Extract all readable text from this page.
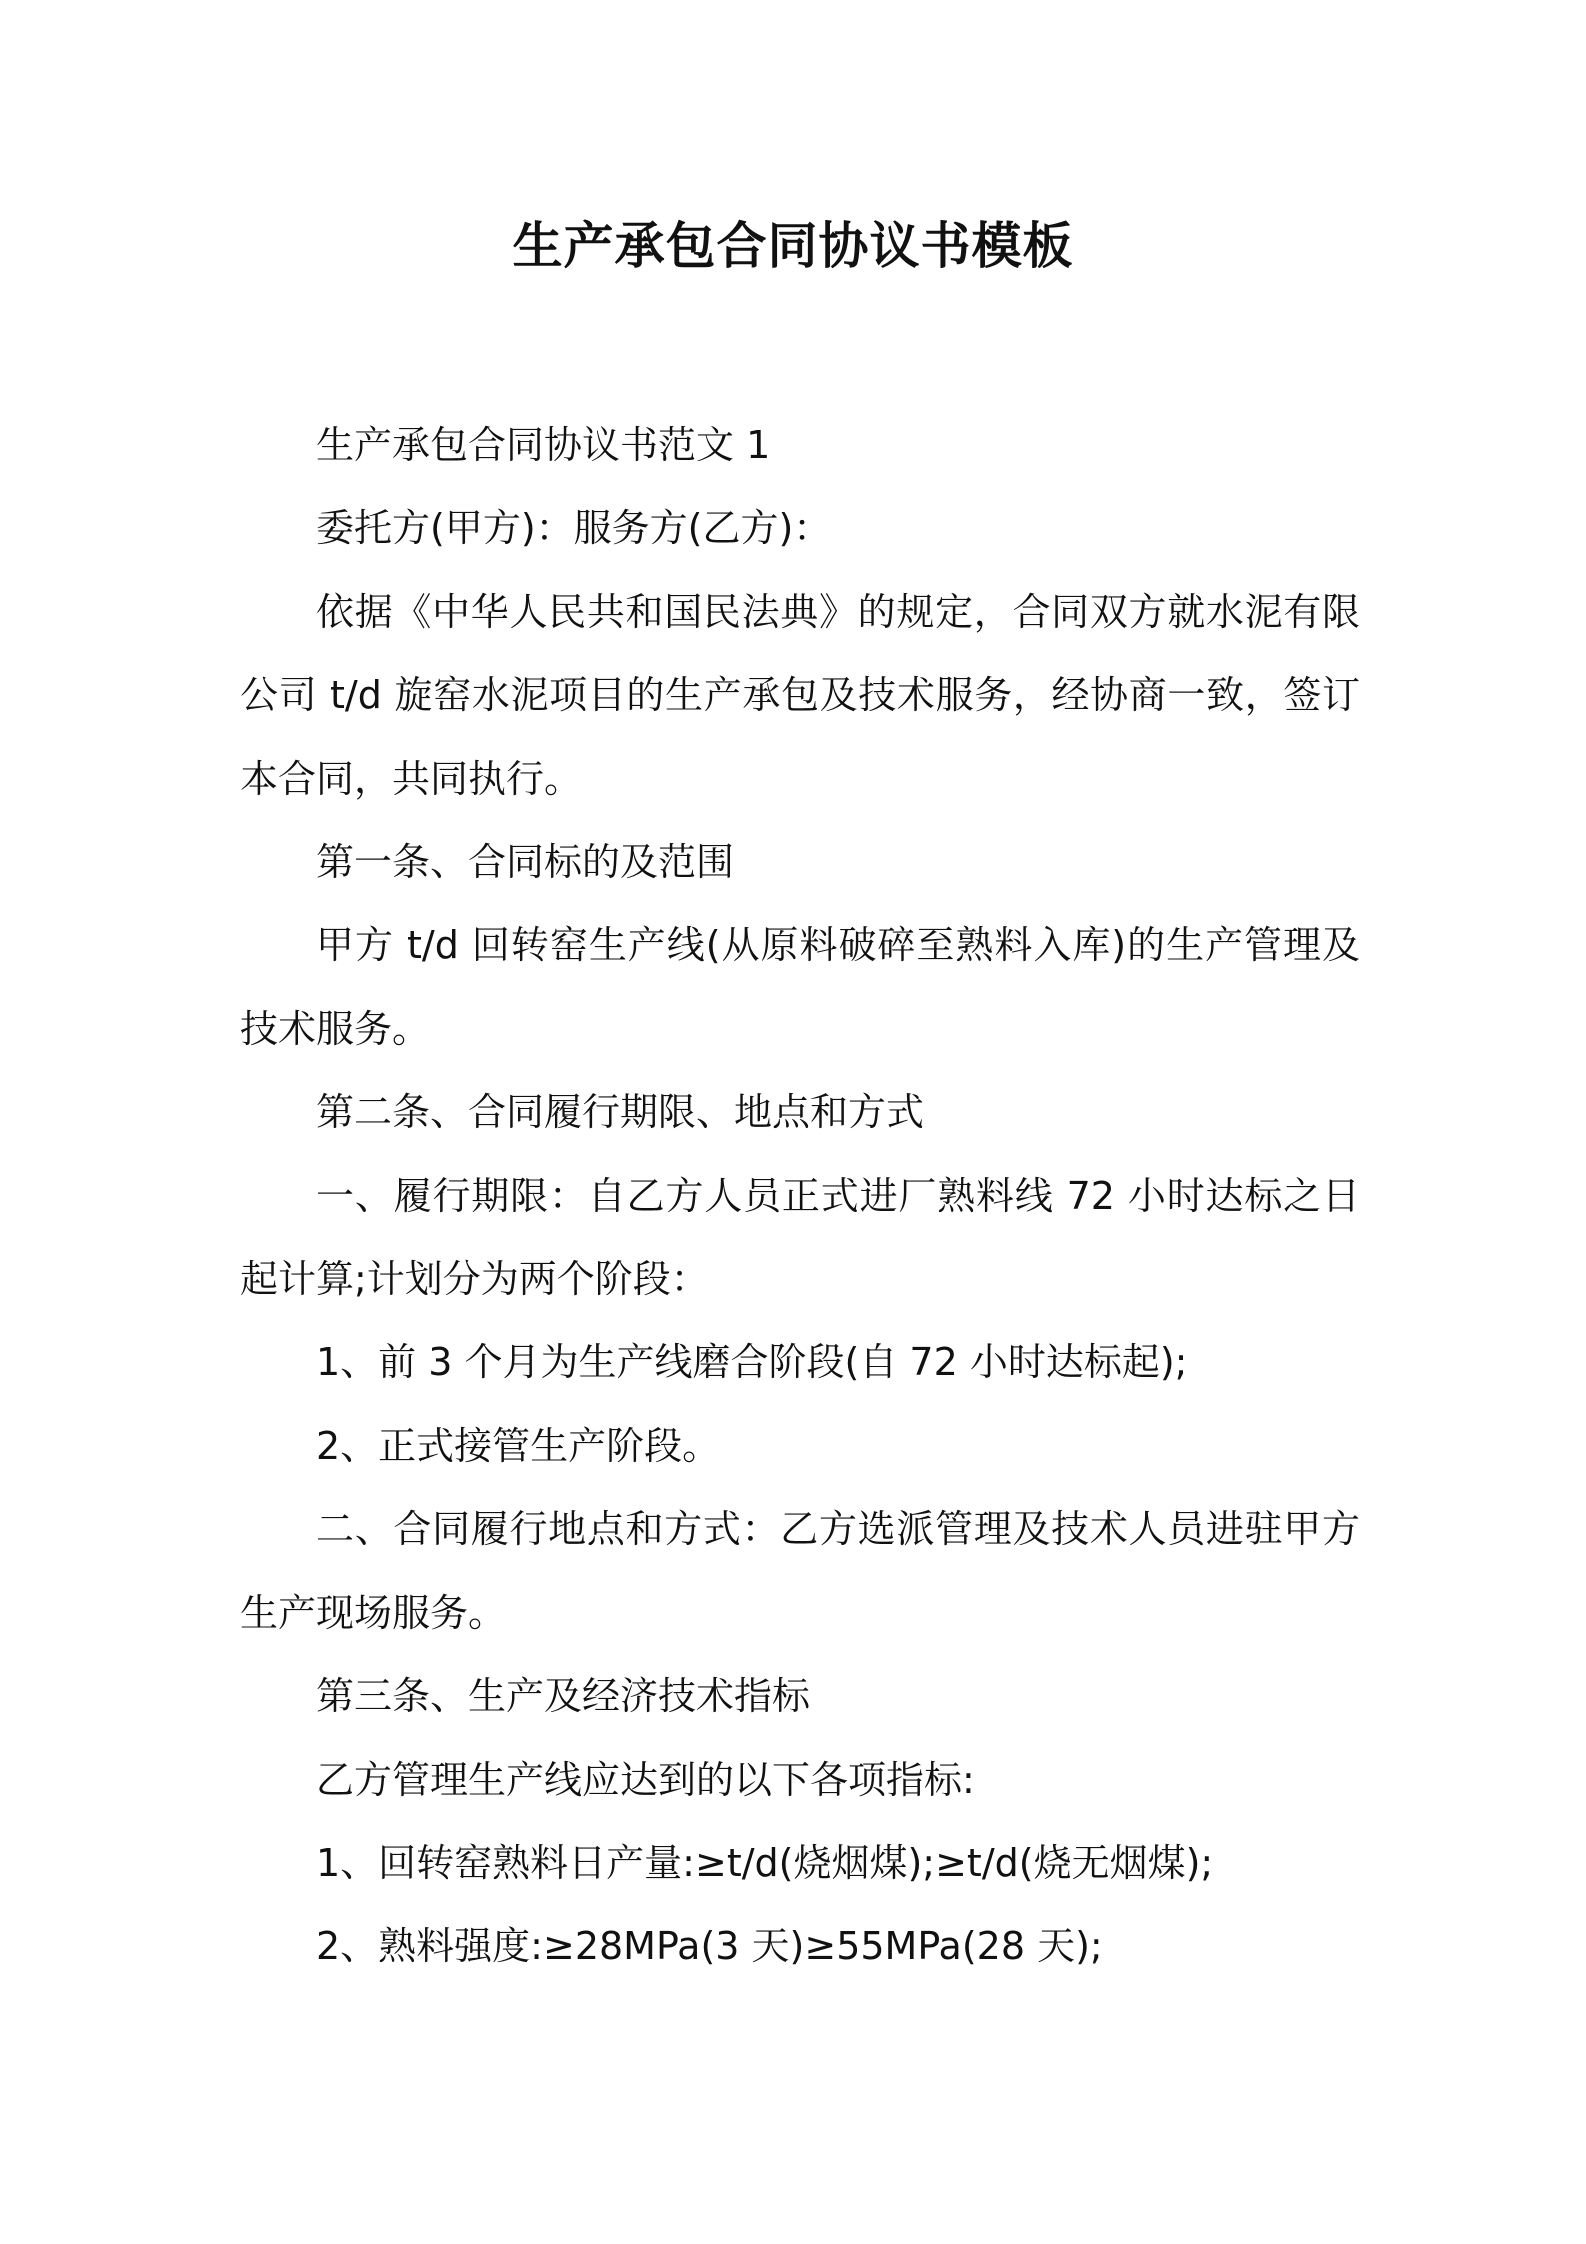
生产承包合同协议书模板

生产承包合同协议书范文 1

委托方(甲方)：服务方(乙方)：

依据《中华人民共和国民法典》的规定，合同双方就水泥有限公司 t/d 旋窑水泥项目的生产承包及技术服务，经协商一致，签订本合同，共同执行。

第一条、合同标的及范围

甲方 t/d 回转窑生产线(从原料破碎至熟料入库)的生产管理及技术服务。

第二条、合同履行期限、地点和方式

一、履行期限：自乙方人员正式进厂熟料线 72 小时达标之日起计算;计划分为两个阶段：

1、前 3 个月为生产线磨合阶段(自 72 小时达标起);

2、正式接管生产阶段。

二、合同履行地点和方式：乙方选派管理及技术人员进驻甲方生产现场服务。

第三条、生产及经济技术指标

乙方管理生产线应达到的以下各项指标:

1、回转窑熟料日产量:≥t/d(烧烟煤);≥t/d(烧无烟煤);

2、熟料强度:≥28MPa(3 天)≥55MPa(28 天);
